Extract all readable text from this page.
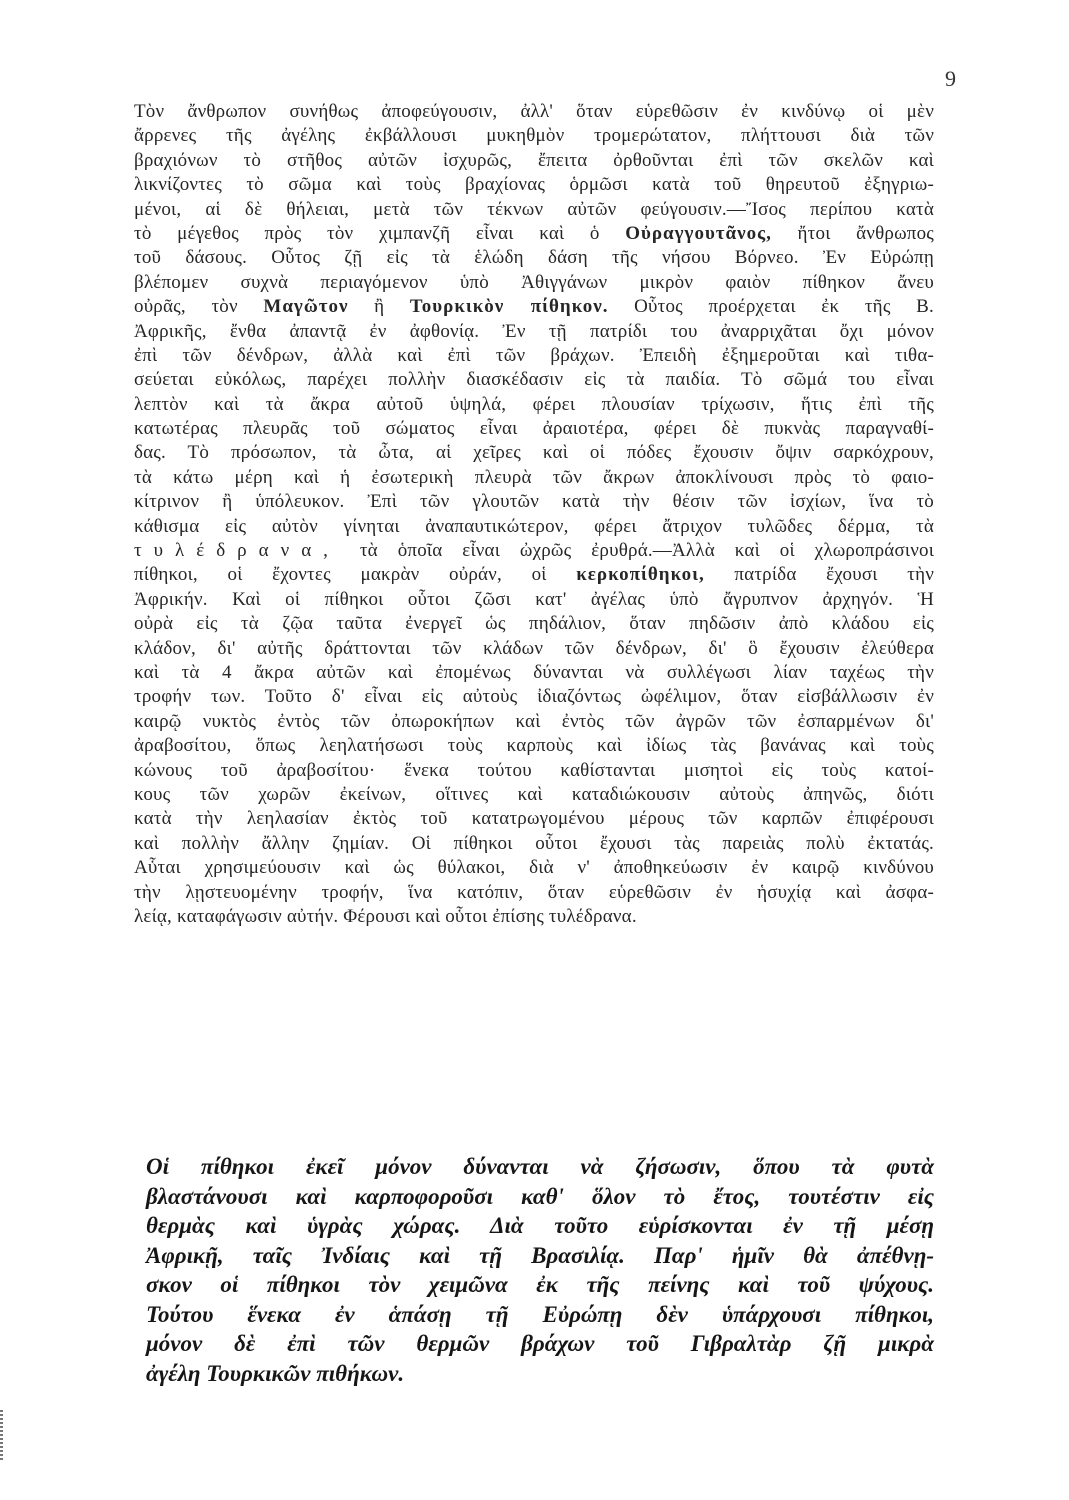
9
Τὸν ἄνθρωπον συνήθως ἀποφεύγουσιν, ἀλλ' ὅταν εὑρεθῶσιν ἐν κινδύνῳ οἱ μὲν
ἄρρενες τῆς ἀγέλης ἐκβάλλουσι μυκηθμὸν τρομερώτατον, πλήττουσι διὰ τῶν
βραχιόνων τὸ στῆθος αὐτῶν ἰσχυρῶς, ἔπειτα ὀρθοῦνται ἐπὶ τῶν σκελῶν καὶ
λικνίζοντες τὸ σῶμα καὶ τοὺς βραχίονας ὁρμῶσι κατὰ τοῦ θηρευτοῦ ἐξηγριω-
μένοι, αἱ δὲ θήλειαι, μετὰ τῶν τέκνων αὐτῶν φεύγουσιν.—Ἴσος περίπου κατὰ
τὸ μέγεθος πρὸς τὸν χιμπανζῆ εἶναι καὶ ὁ Οὐραγγουτᾶνος, ἤτοι ἄνθρωπος
τοῦ δάσους. Οὗτος ζῇ εἰς τὰ ἑλώδη δάση τῆς νήσου Βόρνεο. Ἐν Εὐρώπῃ
βλέπομεν συχνὰ περιαγόμενον ὑπὸ Ἀθιγγάνων μικρὸν φαιὸν πίθηκον ἄνευ
οὐρᾶς, τὸν Μαγῶτον ἢ Τουρκικὸν πίθηκον. Οὗτος προέρχεται ἐκ τῆς Β.
Ἀφρικῆς, ἔνθα ἀπαντᾷ ἐν ἀφθονίᾳ. Ἐν τῇ πατρίδι του ἀναρριχᾶται ὄχι μόνον
ἐπὶ τῶν δένδρων, ἀλλὰ καὶ ἐπὶ τῶν βράχων. Ἐπειδὴ ἐξημεροῦται καὶ τιθα-
σεύεται εὐκόλως, παρέχει πολλὴν διασκέδασιν εἰς τὰ παιδία. Τὸ σῶμά του εἶναι
λεπτὸν καὶ τὰ ἄκρα αὐτοῦ ὑψηλά, φέρει πλουσίαν τρίχωσιν, ἥτις ἐπὶ τῆς
κατωτέρας πλευρᾶς τοῦ σώματος εἶναι ἀραιοτέρα, φέρει δὲ πυκνὰς παραγναθί-
δας. Τὸ πρόσωπον, τὰ ὦτα, αἱ χεῖρες καὶ οἱ πόδες ἔχουσιν ὄψιν σαρκόχρουν,
τὰ κάτω μέρη καὶ ἡ ἐσωτερικὴ πλευρὰ τῶν ἄκρων ἀποκλίνουσι πρὸς τὸ φαιο-
κίτρινον ἢ ὑπόλευκον. Ἐπὶ τῶν γλουτῶν κατὰ τὴν θέσιν τῶν ἰσχίων, ἵνα τὸ
κάθισμα εἰς αὐτὸν γίνηται ἀναπαυτικώτερον, φέρει ἄτριχον τυλῶδες δέρμα, τὰ
τυλέδρανα, τὰ ὁποῖα εἶναι ὠχρῶς ἐρυθρά.—Ἀλλὰ καὶ οἱ χλωροπράσινοι
πίθηκοι, οἱ ἔχοντες μακρὰν οὐράν, οἱ κερκοπίθηκοι, πατρίδα ἔχουσι τὴν
Ἀφρικήν. Καὶ οἱ πίθηκοι οὗτοι ζῶσι κατ' ἀγέλας ὑπὸ ἄγρυπνον ἀρχηγόν. Ἡ
οὐρὰ εἰς τὰ ζῷα ταῦτα ἐνεργεῖ ὡς πηδάλιον, ὅταν πηδῶσιν ἀπὸ κλάδου εἰς
κλάδον, δι' αὐτῆς δράττονται τῶν κλάδων τῶν δένδρων, δι' ὃ ἔχουσιν ἐλεύθερα
καὶ τὰ 4 ἄκρα αὐτῶν καὶ ἐπομένως δύνανται νὰ συλλέγωσι λίαν ταχέως τὴν
τροφήν των. Τοῦτο δ' εἶναι εἰς αὐτοὺς ἰδιαζόντως ὠφέλιμον, ὅταν εἰσβάλλωσιν ἐν
καιρῷ νυκτὸς ἐντὸς τῶν ὀπωροκήπων καὶ ἐντὸς τῶν ἀγρῶν τῶν ἐσπαρμένων δι'
ἀραβοσίτου, ὅπως λεηλατήσωσι τοὺς καρποὺς καὶ ἰδίως τὰς βανάνας καὶ τοὺς
κώνους τοῦ ἀραβοσίτου· ἕνεκα τούτου καθίστανται μισητοὶ εἰς τοὺς κατοί-
κους τῶν χωρῶν ἐκείνων, οἵτινες καὶ καταδιώκουσιν αὐτοὺς ἀπηνῶς, διότι
κατὰ τὴν λεηλασίαν ἐκτὸς τοῦ κατατρωγομένου μέρους τῶν καρπῶν ἐπιφέρουσι
καὶ πολλὴν ἄλλην ζημίαν. Οἱ πίθηκοι οὗτοι ἔχουσι τὰς παρειὰς πολὺ ἐκτατάς.
Αὗται χρησιμεύουσιν καὶ ὡς θύλακοι, διὰ ν' ἀποθηκεύωσιν ἐν καιρῷ κινδύνου
τὴν λῃστευομένην τροφήν, ἵνα κατόπιν, ὅταν εὑρεθῶσιν ἐν ἡσυχίᾳ καὶ ἀσφα-
λείᾳ, καταφάγωσιν αὐτήν. Φέρουσι καὶ οὗτοι ἐπίσης τυλέδρανα.
Οἱ πίθηκοι ἐκεῖ μόνον δύνανται νὰ ζήσωσιν, ὅπου τὰ φυτὰ
βλαστάνουσι καὶ καρποφοροῦσι καθ' ὅλον τὸ ἔτος, τουτέστιν εἰς
θερμὰς καὶ ὑγρὰς χώρας. Διὰ τοῦτο εὑρίσκονται ἐν τῇ μέσῃ
Ἀφρικῇ, ταῖς Ἰνδίαις καὶ τῇ Βρασιλίᾳ. Παρ' ἡμῖν θὰ ἀπέθνῃ-
σκον οἱ πίθηκοι τὸν χειμῶνα ἐκ τῆς πείνης καὶ τοῦ ψύχους.
Τούτου ἕνεκα ἐν ἁπάσῃ τῇ Εὐρώπῃ δὲν ὑπάρχουσι πίθηκοι,
μόνον δὲ ἐπὶ τῶν θερμῶν βράχων τοῦ Γιβραλτὰρ ζῇ μικρὰ
ἀγέλη Τουρκικῶν πιθήκων.
